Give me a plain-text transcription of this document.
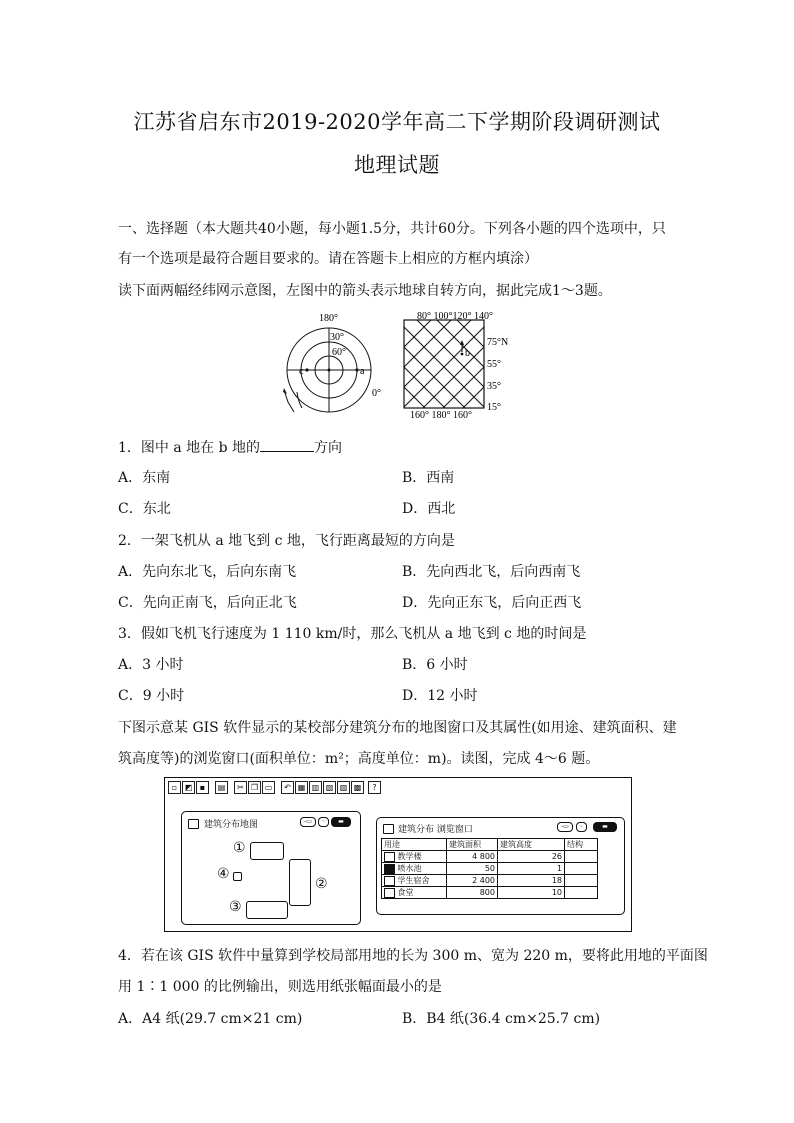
江苏省启东市2019-2020学年高二下学期阶段调研测试
地理试题
一、选择题（本大题共40小题，每小题1.5分，共计60分。下列各小题的四个选项中，只
有一个选项是最符合题目要求的。请在答题卡上相应的方框内填涂）
读下面两幅经纬网示意图，左图中的箭头表示地球自转方向，据此完成1～3题。
180°
30°
60°
0°
a
c
b
80° 100°120° 140°
160° 180° 160°
75°N
55°
35°
15°
1．图中 a 地在 b 地的	方向
A．东南	B．西南
C．东北	D．西北
2．一架飞机从 a 地飞到 c 地，飞行距离最短的方向是
A．先向东北飞，后向东南飞	B．先向西北飞，后向西南飞
C．先向正南飞，后向正北飞	D．先向正东飞，后向正西飞
3．假如飞机飞行速度为 1 110 km/时，那么飞机从 a 地飞到 c 地的时间是
A．3 小时	B．6 小时
C．9 小时	D．12 小时
下图示意某 GIS 软件显示的某校部分建筑分布的地图窗口及其属性(如用途、建筑面积、建
筑高度等)的浏览窗口(面积单位：m²；高度单位：m)。读图，完成 4～6 题。
▫ ◩ ▪	▤	✂ ❐ ▭	↶ ▦ ▥ ▧ ▨ ▩	?
建筑分布地图	-▭	◦	▬
①
②
③
④
建筑分布 浏览窗口	-▭	◦	▬
用途	建筑面积	建筑高度	结构
教学楼	4 800	26	
喷水池	50	1	
学生宿舍	2 400	18	
食堂	800	10	
4．若在该 GIS 软件中量算到学校局部用地的长为 300 m、宽为 220 m，要将此用地的平面图
用 1∶1 000 的比例输出，则选用纸张幅面最小的是
A．A4 纸(29.7 cm×21 cm)	B．B4 纸(36.4 cm×25.7 cm)
